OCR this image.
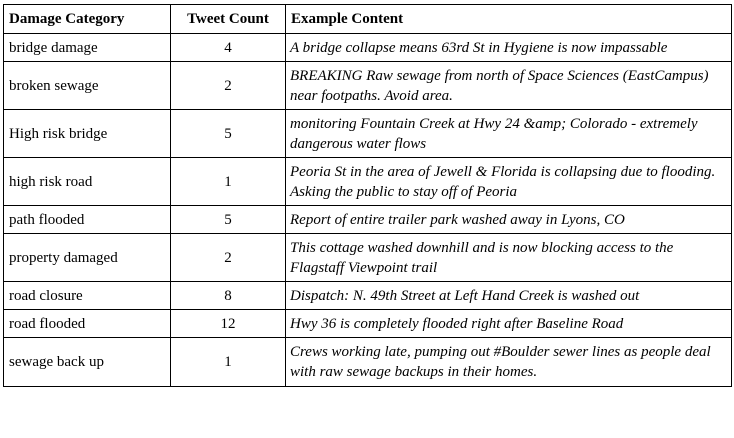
Damage Category	Tweet Count	Example Content
bridge damage	4	A bridge collapse means 63rd St in Hygiene is now impassable
broken sewage	2	BREAKING Raw sewage from north of Space Sciences (EastCampus) near footpaths. Avoid area.
High risk bridge	5	monitoring Fountain Creek at Hwy 24 &amp; Colorado - extremely dangerous water flows
high risk road	1	Peoria St in the area of Jewell & Florida is collapsing due to flooding. Asking the public to stay off of Peoria
path flooded	5	Report of entire trailer park washed away in Lyons, CO
property damaged	2	This cottage washed downhill and is now blocking access to the Flagstaff Viewpoint trail
road closure	8	Dispatch: N. 49th Street at Left Hand Creek is washed out
road flooded	12	Hwy 36 is completely flooded right after Baseline Road
sewage back up	1	Crews working late, pumping out #Boulder sewer lines as people deal with raw sewage backups in their homes.
